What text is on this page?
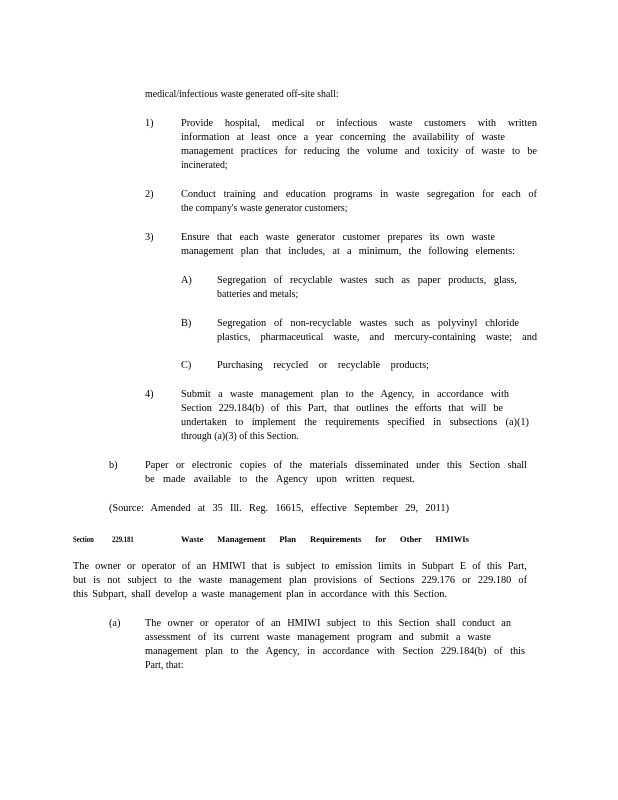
medical/infectious waste generated off-site shall:
1)	Provide hospital, medical or infectious waste customers with written
information at least once a year concerning the availability of waste
management practices for reducing the volume and toxicity of waste to be
incinerated;
2)	Conduct training and education programs in waste segregation for each of
the company's waste generator customers;
3)	Ensure that each waste generator customer prepares its own waste
management plan that includes, at a minimum, the following elements:
A) Segregation of recyclable wastes such as paper products, glass,
batteries and metals;
B) Segregation of non-recyclable wastes such as polyvinyl chloride
plastics, pharmaceutical waste, and mercury-containing waste; and
C) Purchasing recycled or recyclable products;
4)	Submit a waste management plan to the Agency, in accordance with
Section 229.184(b) of this Part, that outlines the efforts that will be
undertaken to implement the requirements specified in subsections (a)(1)
through (a)(3) of this Section.
b)	Paper or electronic copies of the materials disseminated under this Section shall
be made available to the Agency upon written request.
(Source: Amended at 35 Ill. Reg. 16615, effective September 29, 2011)
Section 229.181	Waste Management Plan Requirements for Other HMIWIs
The owner or operator of an HMIWI that is subject to emission limits in Subpart E of this Part,
but is not subject to the waste management plan provisions of Sections 229.176 or 229.180 of
this Subpart, shall develop a waste management plan in accordance with this Section.
(a) The owner or operator of an HMIWI subject to this Section shall conduct an
assessment of its current waste management program and submit a waste
management plan to the Agency, in accordance with Section 229.184(b) of this
Part, that:
